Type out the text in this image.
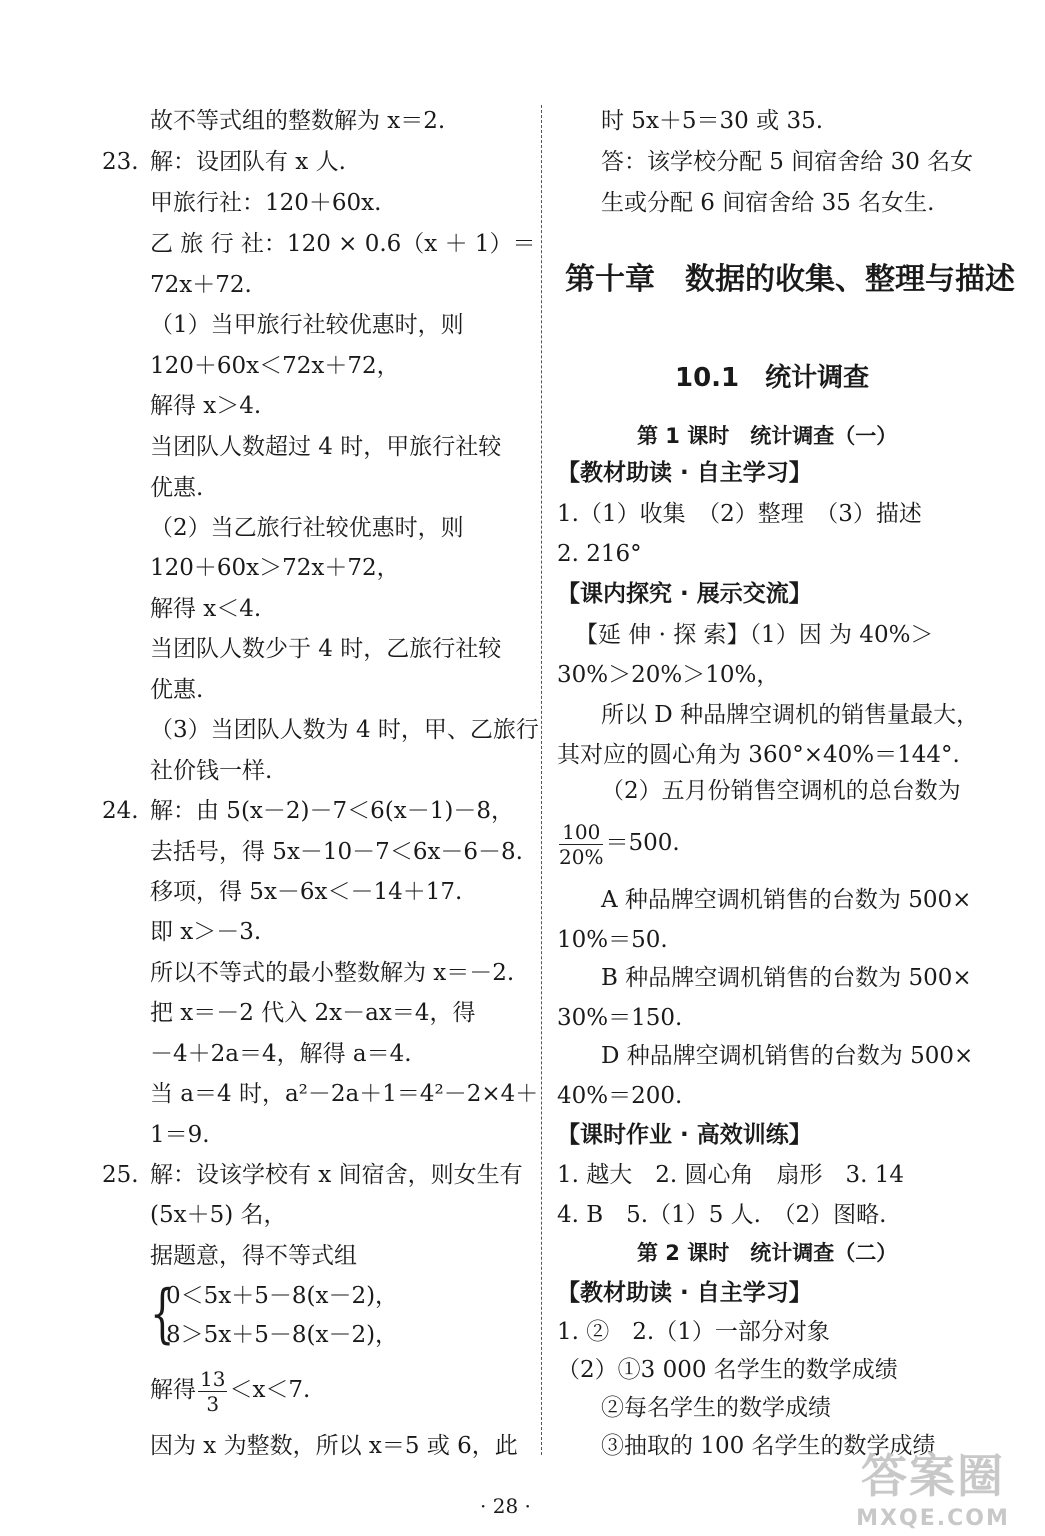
故不等式组的整数解为 x＝2.
23. 解：设团队有 x 人.
甲旅行社：120＋60x.
乙 旅 行 社：120 × 0.6（x ＋ 1）＝
72x＋72.
（1）当甲旅行社较优惠时，则
120＋60x＜72x＋72，
解得 x＞4.
当团队人数超过 4 时，甲旅行社较
优惠.
（2）当乙旅行社较优惠时，则
120＋60x＞72x＋72，
解得 x＜4.
当团队人数少于 4 时，乙旅行社较
优惠.
（3）当团队人数为 4 时，甲、乙旅行
社价钱一样.
24. 解：由 5(x－2)－7＜6(x－1)－8，
去括号，得 5x－10－7＜6x－6－8.
移项，得 5x－6x＜－14＋17.
即 x＞－3.
所以不等式的最小整数解为 x＝－2.
把 x＝－2 代入 2x－ax＝4，得
－4＋2a＝4，解得 a＝4.
当 a＝4 时，a²－2a＋1＝4²－2×4＋
1＝9.
25. 解：设该学校有 x 间宿舍，则女生有
(5x＋5) 名，
据题意，得不等式组
0＜5x＋5－8(x－2)，
8＞5x＋5－8(x－2)，
因为 x 为整数，所以 x＝5 或 6，此
{
解得 $\frac{13}{3} <x<7$.
时 5x＋5＝30 或 35.
答：该学校分配 5 间宿舍给 30 名女
生或分配 6 间宿舍给 35 名女生.
第十章　数据的收集、整理与描述
10.1　统计调查
第 1 课时　统计调查（一）
【教材助读 · 自主学习】
1.（1）收集　（2）整理　（3）描述
2. 216°
【课内探究 · 展示交流】
【延 伸 · 探 索】（1）因 为 40%＞
30%＞20%＞10%，
所以 D 种品牌空调机的销售量最大，
其对应的圆心角为 360°×40%＝144°.
（2）五月份销售空调机的总台数为
$\frac{100}{20\%} =500$.
A 种品牌空调机销售的台数为 500×
10%＝50.
B 种品牌空调机销售的台数为 500×
30%＝150.
D 种品牌空调机销售的台数为 500×
40%＝200.
【课时作业 · 高效训练】
1. 越大　2. 圆心角　扇形　3. 14
4. B　5.（1）5 人.　（2）图略.
第 2 课时　统计调查（二）
【教材助读 · 自主学习】
1. ②　2.（1）一部分对象
（2）①3 000 名学生的数学成绩
②每名学生的数学成绩
③抽取的 100 名学生的数学成绩
· 28 ·
答案圈
MXQE.COM
